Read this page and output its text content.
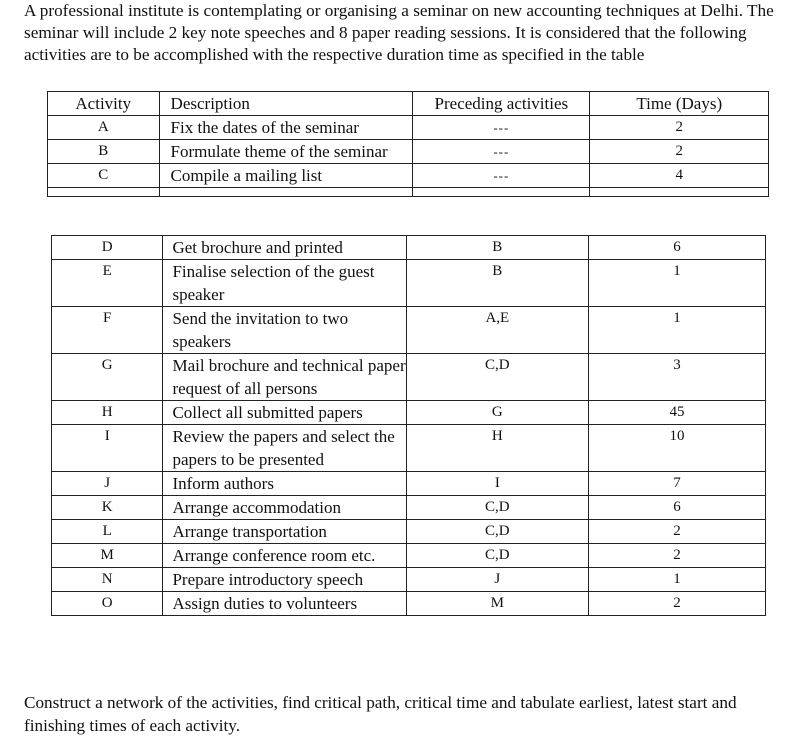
A professional institute is contemplating or organising a seminar on new accounting techniques at Delhi. The seminar will include 2 key note speeches and 8 paper reading sessions. It is considered that the following activities are to be accomplished with the respective duration time as specified in the table

Activity	Description	Preceding activities	Time (Days)
A	Fix the dates of the seminar	---	2
B	Formulate theme of the seminar	---	2
C	Compile a mailing list	---	4

D	Get brochure and printed	B	6
E	Finalise selection of the guest speaker	B	1
F	Send the invitation to two speakers	A,E	1
G	Mail brochure and technical paper request of all persons	C,D	3
H	Collect all submitted papers	G	45
I	Review the papers and select the papers to be presented	H	10
J	Inform authors	I	7
K	Arrange accommodation	C,D	6
L	Arrange transportation	C,D	2
M	Arrange conference room etc.	C,D	2
N	Prepare introductory speech	J	1
O	Assign duties to volunteers	M	2

Construct a network of the activities, find critical path, critical time and tabulate earliest, latest start and finishing times of each activity.
